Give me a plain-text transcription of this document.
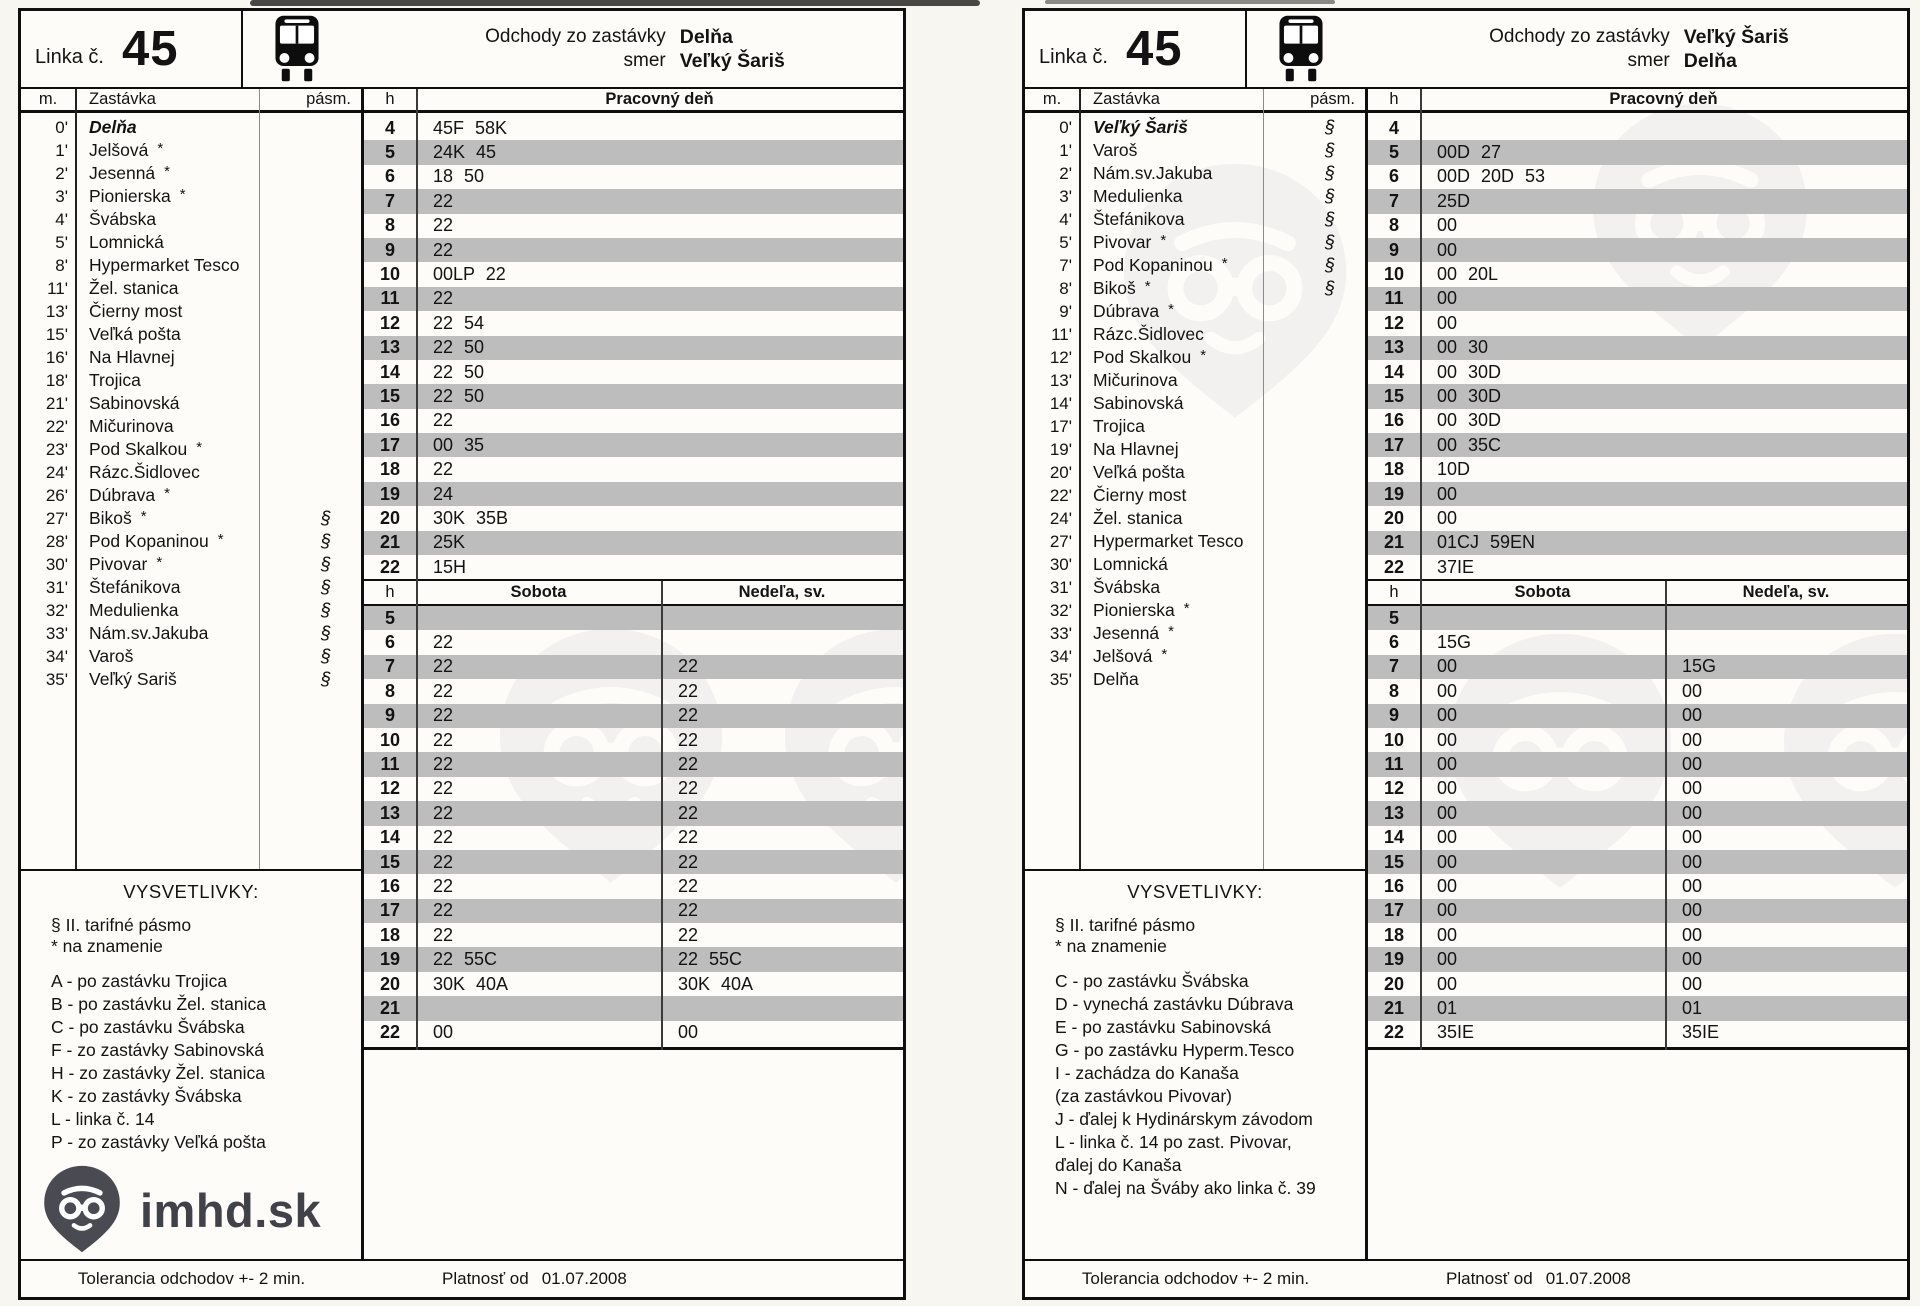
Linka č. 45	Odchody zo zastávky Delňa
smer Veľký Šariš
m.	Zastávka	pásm.	h	Pracovný deň
0'	Delňa
1'	Jelšová *
2'	Jesenná *
3'	Pionierska *
4'	Švábska
5'	Lomnická
8'	Hypermarket Tesco
11'	Žel. stanica
13'	Čierny most
15'	Veľká pošta
16'	Na Hlavnej
18'	Trojica
21'	Sabinovská
22'	Mičurinova
23'	Pod Skalkou *
24'	Rázc.Šidlovec
26'	Dúbrava *
27'	Bikoš *	§
28'	Pod Kopaninou *	§
30'	Pivovar *	§
31'	Štefánikova	§
32'	Medulienka	§
33'	Nám.sv.Jakuba	§
34'	Varoš	§
35'	Veľký Sariš	§
4	45F 58K
5	24K 45
6	18 50
7	22
8	22
9	22
10	00LP 22
11	22
12	22 54
13	22 50
14	22 50
15	22 50
16	22
17	00 35
18	22
19	24
20	30K 35B
21	25K
22	15H
h	Sobota	Nedeľa, sv.
5
6	22
7	22	22
8	22	22
9	22	22
10	22	22
11	22	22
12	22	22
13	22	22
14	22	22
15	22	22
16	22	22
17	22	22
18	22	22
19	22 55C	22 55C
20	30K 40A	30K 40A
21
22	00	00
VYSVETLIVKY:
§ II. tarifné pásmo
* na znamenie
A - po zastávku Trojica
B - po zastávku Žel. stanica
C - po zastávku Švábska
F - zo zastávky Sabinovská
H - zo zastávky Žel. stanica
K - zo zastávky Švábska
L - linka č. 14
P - zo zastávky Veľká pošta
imhd.sk
Tolerancia odchodov +- 2 min.	Platnosť od 01.07.2008
Linka č. 45	Odchody zo zastávky Veľký Šariš
smer Delňa
m.	Zastávka	pásm.	h	Pracovný deň
0'	Veľký Šariš	§
1'	Varoš	§
2'	Nám.sv.Jakuba	§
3'	Medulienka	§
4'	Štefánikova	§
5'	Pivovar *	§
7'	Pod Kopaninou *	§
8'	Bikoš *	§
9'	Dúbrava *
11'	Rázc.Šidlovec
12'	Pod Skalkou *
13'	Mičurinova
14'	Sabinovská
17'	Trojica
19'	Na Hlavnej
20'	Veľká pošta
22'	Čierny most
24'	Žel. stanica
27'	Hypermarket Tesco
30'	Lomnická
31'	Švábska
32'	Pionierska *
33'	Jesenná *
34'	Jelšová *
35'	Delňa
4
5	00D 27
6	00D 20D 53
7	25D
8	00
9	00
10	00 20L
11	00
12	00
13	00 30
14	00 30D
15	00 30D
16	00 30D
17	00 35C
18	10D
19	00
20	00
21	01CJ 59EN
22	37IE
h	Sobota	Nedeľa, sv.
5
6	15G
7	00	15G
8	00	00
9	00	00
10	00	00
11	00	00
12	00	00
13	00	00
14	00	00
15	00	00
16	00	00
17	00	00
18	00	00
19	00	00
20	00	00
21	01	01
22	35IE	35IE
VYSVETLIVKY:
§ II. tarifné pásmo
* na znamenie
C - po zastávku Švábska
D - vynechá zastávku Dúbrava
E - po zastávku Sabinovská
G - po zastávku Hyperm.Tesco
I - zachádza do Kanaša
(za zastávkou Pivovar)
J - ďalej k Hydinárskym závodom
L - linka č. 14 po zast. Pivovar,
ďalej do Kanaša
N - ďalej na Šváby ako linka č. 39
Tolerancia odchodov +- 2 min.	Platnosť od 01.07.2008
